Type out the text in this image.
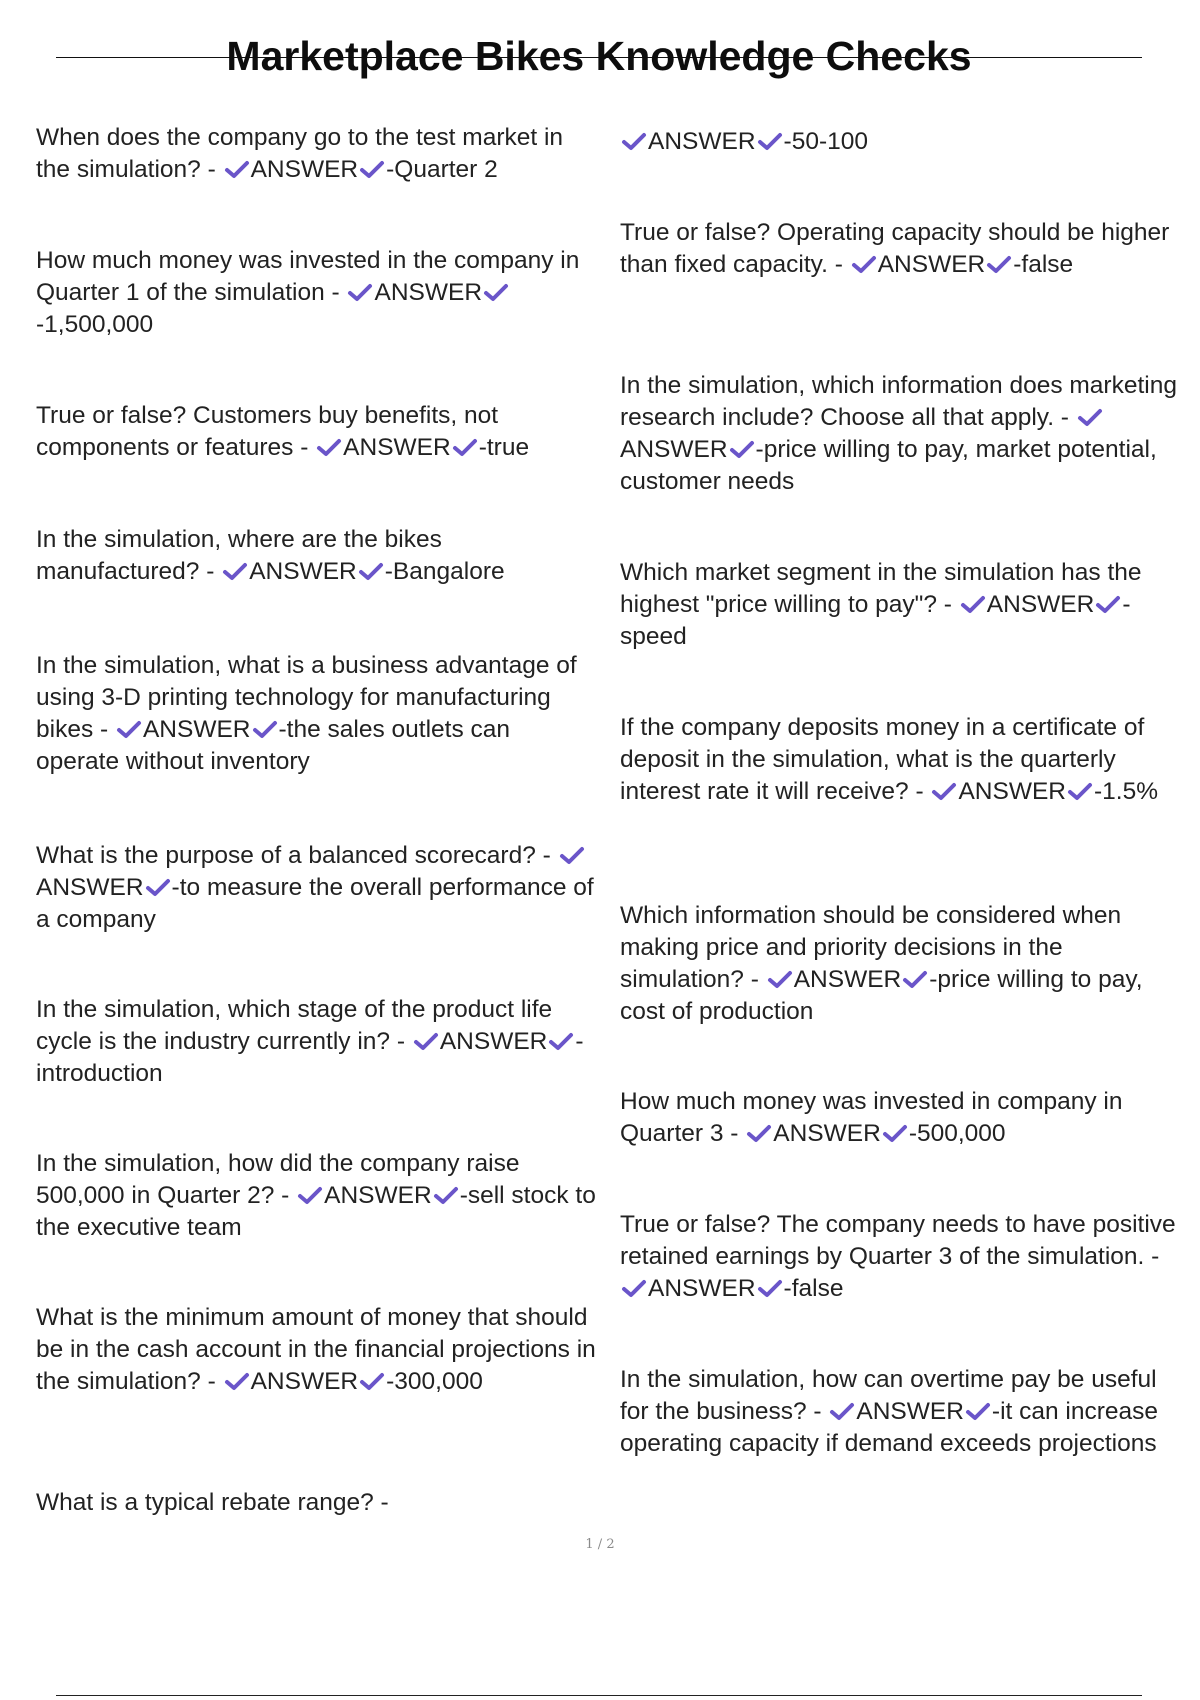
Marketplace Bikes Knowledge Checks
When does the company go to the test market in the simulation? -
ANSWER -Quarter 2
How much money was invested in the company in Quarter 1 of the simulation -
ANSWER
-1,500,000
True or false? Customers buy benefits, not components or features -
ANSWER -true
In the simulation, where are the bikes manufactured? -
ANSWER -Bangalore
In the simulation, what is a business advantage of using 3-D printing technology for manufacturing bikes -
ANSWER -the sales outlets can operate without inventory
What is the purpose of a balanced scorecard? -
ANSWER -to measure the overall performance of a company
In the simulation, which stage of the product life cycle is the industry currently in? -
ANSWER -introduction
In the simulation, how did the company raise 500,000 in Quarter 2? -
ANSWER -sell stock to the executive team
What is the minimum amount of money that should be in the cash account in the financial projections in the simulation? -
ANSWER -300,000
What is a typical rebate range? -
ANSWER -50-100
True or false? Operating capacity should be higher than fixed capacity. -
ANSWER -false
In the simulation, which information does marketing research include? Choose all that apply. -
ANSWER -price willing to pay, market potential, customer needs
Which market segment in the simulation has the highest "price willing to pay"? -
ANSWER -speed
If the company deposits money in a certificate of deposit in the simulation, what is the quarterly interest rate it will receive? -
ANSWER -1.5%
Which information should be considered when making price and priority decisions in the simulation? -
ANSWER -price willing to pay, cost of production
How much money was invested in company in Quarter 3 -
ANSWER -500,000
True or false? The company needs to have positive retained earnings by Quarter 3 of the simulation. -
ANSWER -false
In the simulation, how can overtime pay be useful for the business? -
ANSWER -it can increase operating capacity if demand exceeds projections
1 / 2
